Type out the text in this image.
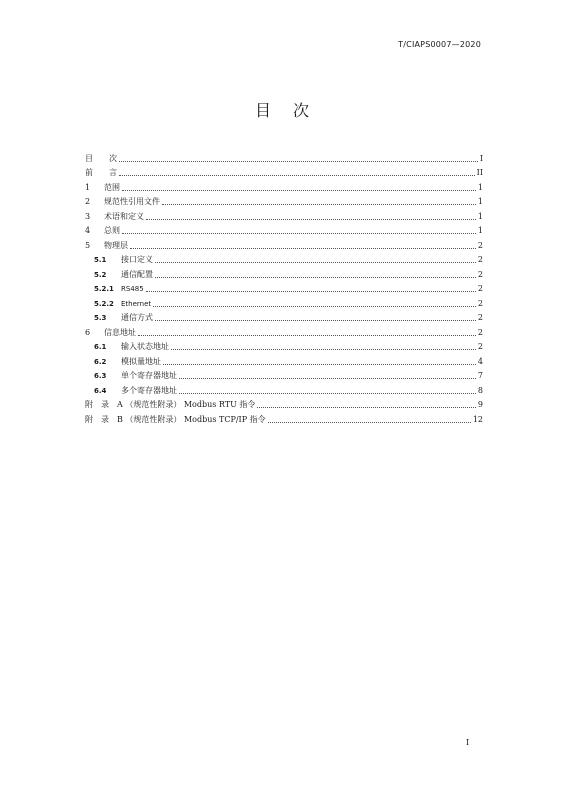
T/CIAPS0007—2020
目 次
目　　次	I
前　　言	II
1	范围	1
2	规范性引用文件	1
3	术语和定义	1
4	总则	1
5	物理层	2
5.1	接口定义	2
5.2	通信配置	2
5.2.1	RS485	2
5.2.2	Ethernet	2
5.3	通信方式	2
6	信息地址	2
6.1	输入状态地址	2
6.2	模拟量地址	4
6.3	单个寄存器地址	7
6.4	多个寄存器地址	8
附　录　A （规范性附录） Modbus RTU 指令	9
附　录　B （规范性附录） Modbus TCP/IP 指令	12
I
